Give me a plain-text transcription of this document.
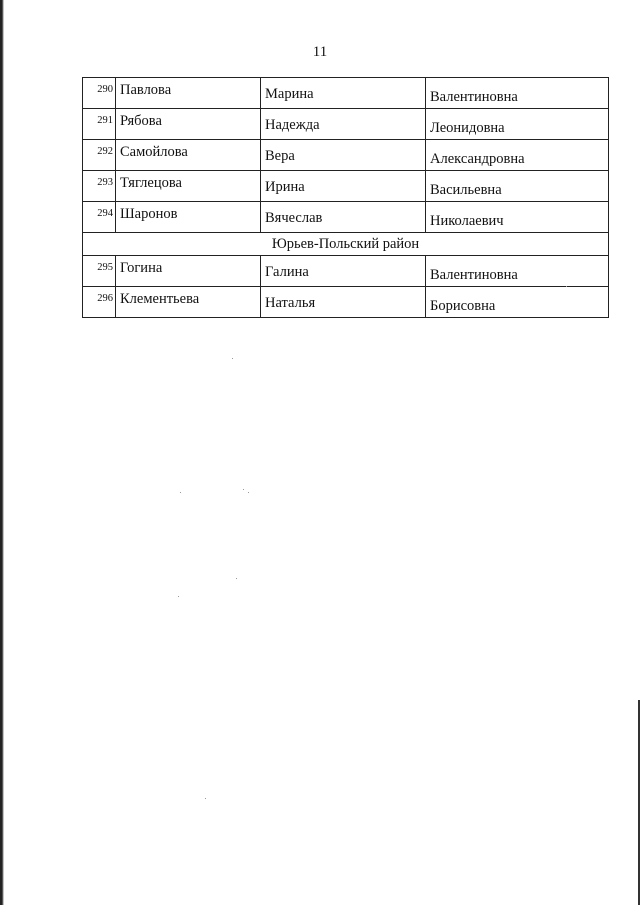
11
290	Павлова	Марина	Валентиновна
291	Рябова	Надежда	Леонидовна
292	Самойлова	Вера	Александровна
293	Тяглецова	Ирина	Васильевна
294	Шаронов	Вячеслав	Николаевич
Юрьев-Польский район			
295	Гогина	Галина	Валентиновна
296	Клементьева	Наталья	Борисовна
